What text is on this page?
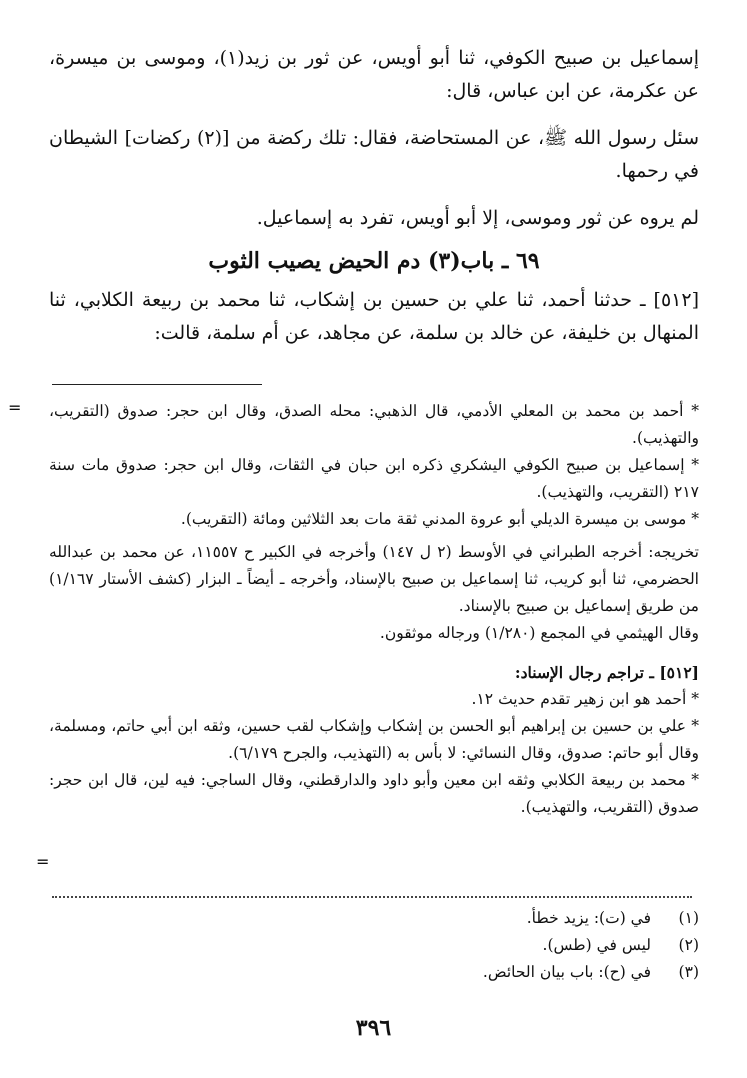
إسماعيل بن صبيح الكوفي، ثنا أبو أويس، عن ثور بن زيد(١)، وموسى بن ميسرة، عن عكرمة، عن ابن عباس، قال:

سئل رسول الله ﷺ، عن المستحاضة، فقال: تلك ركضة من [(٢) ركضات] الشيطان في رحمها.

لم يروه عن ثور وموسى، إلا أبو أويس، تفرد به إسماعيل.

٦٩ ـ باب(٣) دم الحيض يصيب الثوب

[٥١٢] ـ حدثنا أحمد، ثنا علي بن حسين بن إشكاب، ثنا محمد بن ربيعة الكلابي، ثنا المنهال بن خليفة، عن خالد بن سلمة، عن مجاهد، عن أم سلمة، قالت:

=
=

* أحمد بن محمد بن المعلي الأدمي، قال الذهبي: محله الصدق، وقال ابن حجر: صدوق (التقريب، والتهذيب).

* إسماعيل بن صبيح الكوفي اليشكري ذكره ابن حبان في الثقات، وقال ابن حجر: صدوق مات سنة ٢١٧ (التقريب، والتهذيب).

* موسى بن ميسرة الديلي أبو عروة المدني ثقة مات بعد الثلاثين ومائة (التقريب).

تخريجه: أخرجه الطبراني في الأوسط (٢ ل ١٤٧) وأخرجه في الكبير ح ١١٥٥٧، عن محمد بن عبدالله الحضرمي، ثنا أبو كريب، ثنا إسماعيل بن صبيح بالإسناد، وأخرجه ـ أيضاً ـ البزار (كشف الأستار ١/١٦٧) من طريق إسماعيل بن صبيح بالإسناد.

وقال الهيثمي في المجمع (١/٢٨٠) ورجاله موثقون.

[٥١٢] ـ تراجم رجال الإسناد:

* أحمد هو ابن زهير تقدم حديث ١٢.

* علي بن حسين بن إبراهيم أبو الحسن بن إشكاب وإشكاب لقب حسين، وثقه ابن أبي حاتم، ومسلمة، وقال أبو حاتم: صدوق، وقال النسائي: لا بأس به (التهذيب، والجرح ٦/١٧٩).

* محمد بن ربيعة الكلابي وثقه ابن معين وأبو داود والدارقطني، وقال الساجي: فيه لين، قال ابن حجر: صدوق (التقريب، والتهذيب).

(١)
في (ت): يزيد خطأ.
(٢)
ليس في (طس).
(٣)
في (ح): باب بيان الحائض.
٣٩٦
